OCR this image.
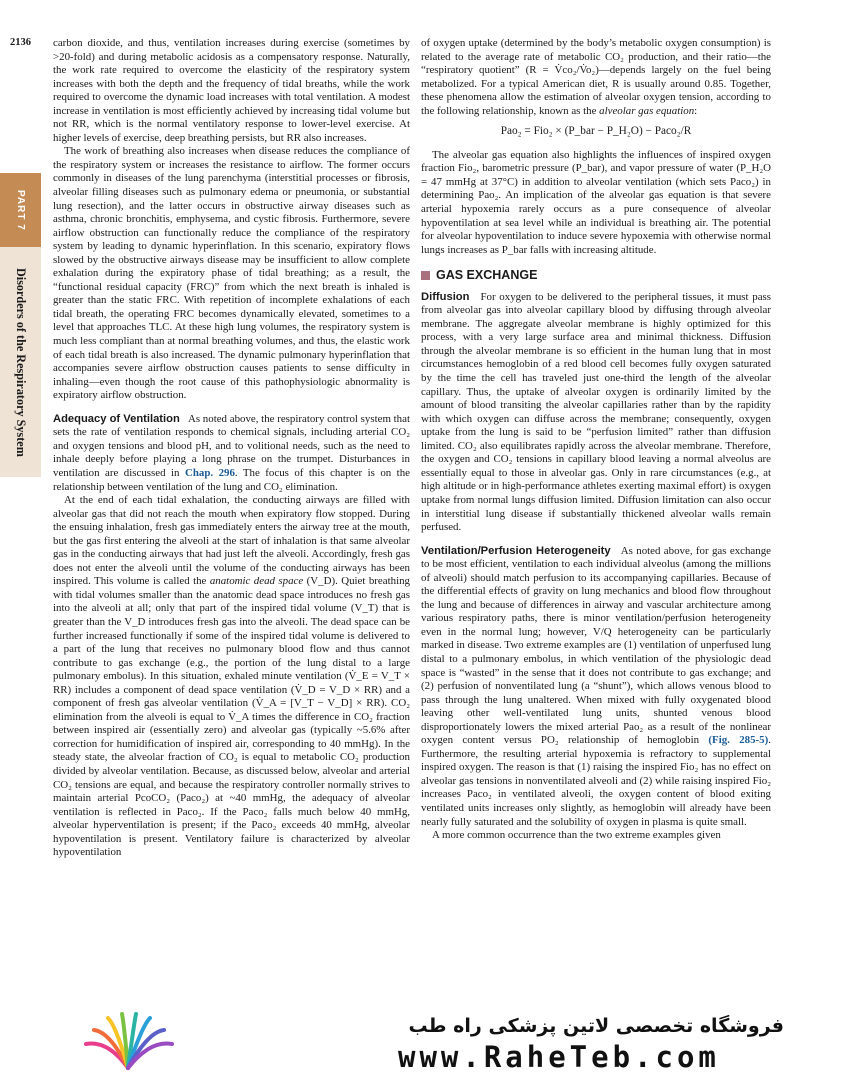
2136
PART 7
Disorders of the Respiratory System

carbon dioxide, and thus, ventilation increases during exercise (sometimes by >20-fold) and during metabolic acidosis as a compensatory response. Naturally, the work rate required to overcome the elasticity of the respiratory system increases with both the depth and the frequency of tidal breaths, while the work required to overcome the dynamic load increases with total ventilation. A modest increase in ventilation is most efficiently achieved by increasing tidal volume but not RR, which is the normal ventilatory response to lower-level exercise. At higher levels of exercise, deep breathing persists, but RR also increases.

The work of breathing also increases when disease reduces the compliance of the respiratory system or increases the resistance to airflow. The former occurs commonly in diseases of the lung parenchyma (interstitial processes or fibrosis, alveolar filling diseases such as pulmonary edema or pneumonia, or substantial lung resection), and the latter occurs in obstructive airway diseases such as asthma, chronic bronchitis, emphysema, and cystic fibrosis. Furthermore, severe airflow obstruction can functionally reduce the compliance of the respiratory system by leading to dynamic hyperinflation. In this scenario, expiratory flows slowed by the obstructive airways disease may be insufficient to allow complete exhalation during the expiratory phase of tidal breathing; as a result, the “functional residual capacity (FRC)” from which the next breath is inhaled is greater than the static FRC. With repetition of incomplete exhalations of each tidal breath, the operating FRC becomes dynamically elevated, sometimes to a level that approaches TLC. At these high lung volumes, the respiratory system is much less compliant than at normal breathing volumes, and thus, the elastic work of each tidal breath is also increased. The dynamic pulmonary hyperinflation that accompanies severe airflow obstruction causes patients to sense difficulty in inhaling—even though the root cause of this pathophysiologic abnormality is expiratory airflow obstruction.

Adequacy of Ventilation As noted above, the respiratory control system that sets the rate of ventilation responds to chemical signals, including arterial CO₂ and oxygen tensions and blood pH, and to volitional needs, such as the need to inhale deeply before playing a long phrase on the trumpet. Disturbances in ventilation are discussed in Chap. 296. The focus of this chapter is on the relationship between ventilation of the lung and CO₂ elimination.

At the end of each tidal exhalation, the conducting airways are filled with alveolar gas that did not reach the mouth when expiratory flow stopped. During the ensuing inhalation, fresh gas immediately enters the airway tree at the mouth, but the gas first entering the alveoli at the start of inhalation is that same alveolar gas in the conducting airways that had just left the alveoli. Accordingly, fresh gas does not enter the alveoli until the volume of the conducting airways has been inspired. This volume is called the anatomic dead space (V_D). Quiet breathing with tidal volumes smaller than the anatomic dead space introduces no fresh gas into the alveoli at all; only that part of the inspired tidal volume (V_T) that is greater than the V_D introduces fresh gas into the alveoli. The dead space can be further increased functionally if some of the inspired tidal volume is delivered to a part of the lung that receives no pulmonary blood flow and thus cannot contribute to gas exchange (e.g., the portion of the lung distal to a large pulmonary embolus). In this situation, exhaled minute ventilation (V̇_E = V_T × RR) includes a component of dead space ventilation (V̇_D = V_D × RR) and a component of fresh gas alveolar ventilation (V̇_A = [V_T − V_D] × RR). CO₂ elimination from the alveoli is equal to V̇_A times the difference in CO₂ fraction between inspired air (essentially zero) and alveolar gas (typically ~5.6% after correction for humidification of inspired air, corresponding to 40 mmHg). In the steady state, the alveolar fraction of CO₂ is equal to metabolic CO₂ production divided by alveolar ventilation. Because, as discussed below, alveolar and arterial CO₂ tensions are equal, and because the respiratory controller normally strives to maintain arterial PcoCO₂ (Paco₂) at ~40 mmHg, the adequacy of alveolar ventilation is reflected in Paco₂. If the Paco₂ falls much below 40 mmHg, alveolar hyperventilation is present; if the Paco₂ exceeds 40 mmHg, alveolar hypoventilation is present. Ventilatory failure is characterized by alveolar hypoventilation

of oxygen uptake (determined by the body’s metabolic oxygen consumption) is related to the average rate of metabolic CO₂ production, and their ratio—the “respiratory quotient” (R = V̇co₂/V̇o₂)—depends largely on the fuel being metabolized. For a typical American diet, R is usually around 0.85. Together, these phenomena allow the estimation of alveolar oxygen tension, according to the following relationship, known as the alveolar gas equation:

Pao₂ = Fio₂ × (P_bar − P_H₂O) − Paco₂/R

The alveolar gas equation also highlights the influences of inspired oxygen fraction Fio₂, barometric pressure (P_bar), and vapor pressure of water (P_H₂O = 47 mmHg at 37°C) in addition to alveolar ventilation (which sets Paco₂) in determining Pao₂. An implication of the alveolar gas equation is that severe arterial hypoxemia rarely occurs as a pure consequence of alveolar hypoventilation at sea level while an individual is breathing air. The potential for alveolar hypoventilation to induce severe hypoxemia with otherwise normal lungs increases as P_bar falls with increasing altitude.

GAS EXCHANGE

Diffusion For oxygen to be delivered to the peripheral tissues, it must pass from alveolar gas into alveolar capillary blood by diffusing through alveolar membrane. The aggregate alveolar membrane is highly optimized for this process, with a very large surface area and minimal thickness. Diffusion through the alveolar membrane is so efficient in the human lung that in most circumstances hemoglobin of a red blood cell becomes fully oxygen saturated by the time the cell has traveled just one-third the length of the alveolar capillary. Thus, the uptake of alveolar oxygen is ordinarily limited by the amount of blood transiting the alveolar capillaries rather than by the rapidity with which oxygen can diffuse across the membrane; consequently, oxygen uptake from the lung is said to be “perfusion limited” rather than diffusion limited. CO₂ also equilibrates rapidly across the alveolar membrane. Therefore, the oxygen and CO₂ tensions in capillary blood leaving a normal alveolus are essentially equal to those in alveolar gas. Only in rare circumstances (e.g., at high altitude or in high-performance athletes exerting maximal effort) is oxygen uptake from normal lungs diffusion limited. Diffusion limitation can also occur in interstitial lung disease if substantially thickened alveolar walls remain perfused.

Ventilation/Perfusion Heterogeneity As noted above, for gas exchange to be most efficient, ventilation to each individual alveolus (among the millions of alveoli) should match perfusion to its accompanying capillaries. Because of the differential effects of gravity on lung mechanics and blood flow throughout the lung and because of differences in airway and vascular architecture among various respiratory paths, there is minor ventilation/perfusion heterogeneity even in the normal lung; however, V/Q heterogeneity can be particularly marked in disease. Two extreme examples are (1) ventilation of unperfused lung distal to a pulmonary embolus, in which ventilation of the physiologic dead space is “wasted” in the sense that it does not contribute to gas exchange; and (2) perfusion of nonventilated lung (a “shunt”), which allows venous blood to pass through the lung unaltered. When mixed with fully oxygenated blood leaving other well-ventilated lung units, shunted venous blood disproportionately lowers the mixed arterial Pao₂ as a result of the nonlinear oxygen content versus PO₂ relationship of hemoglobin (Fig. 285-5). Furthermore, the resulting arterial hypoxemia is refractory to supplemental inspired oxygen. The reason is that (1) raising the inspired Fio₂ has no effect on alveolar gas tensions in nonventilated alveoli and (2) while raising inspired Fio₂ increases Paco₂ in ventilated alveoli, the oxygen content of blood exiting ventilated units increases only slightly, as hemoglobin will already have been nearly fully saturated and the solubility of oxygen in plasma is quite small.

A more common occurrence than the two extreme examples given

فروشگاه تخصصی لاتین پزشکی راه طب
www.RaheTeb.com
